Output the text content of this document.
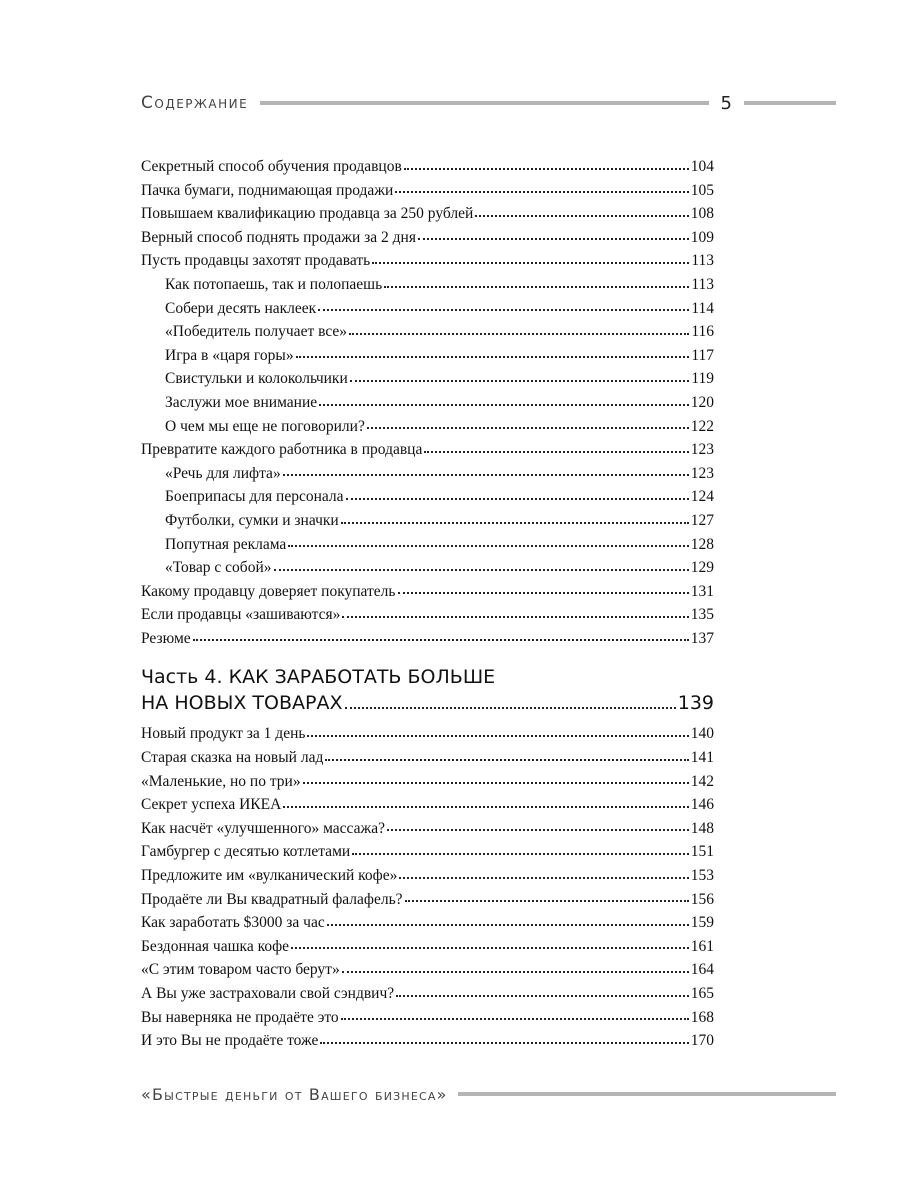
Содержание	5
Секретный способ обучения продавцов	104
Пачка бумаги, поднимающая продажи	105
Повышаем квалификацию продавца за 250 рублей	108
Верный способ поднять продажи за 2 дня	109
Пусть продавцы захотят продавать	113
Как потопаешь, так и полопаешь	113
Собери десять наклеек	114
«Победитель получает все»	116
Игра в «царя горы»	117
Свистульки и колокольчики	119
Заслужи мое внимание	120
О чем мы еще не поговорили?	122
Превратите каждого работника в продавца	123
«Речь для лифта»	123
Боеприпасы для персонала	124
Футболки, сумки и значки	127
Попутная реклама	128
«Товар с собой»	129
Какому продавцу доверяет покупатель	131
Если продавцы «зашиваются»	135
Резюме	137
Часть 4. КАК ЗАРАБОТАТЬ БОЛЬШЕ
НА НОВЫХ ТОВАРАХ	139
Новый продукт за 1 день	140
Старая сказка на новый лад	141
«Маленькие, но по три»	142
Секрет успеха ИКЕА	146
Как насчёт «улучшенного» массажа?	148
Гамбургер с десятью котлетами	151
Предложите им «вулканический кофе»	153
Продаёте ли Вы квадратный фалафель?	156
Как заработать $3000 за час	159
Бездонная чашка кофе	161
«С этим товаром часто берут»	164
А Вы уже застраховали свой сэндвич?	165
Вы наверняка не продаёте это	168
И это Вы не продаёте тоже	170
«Быстрые деньги от Вашего бизнеса»
